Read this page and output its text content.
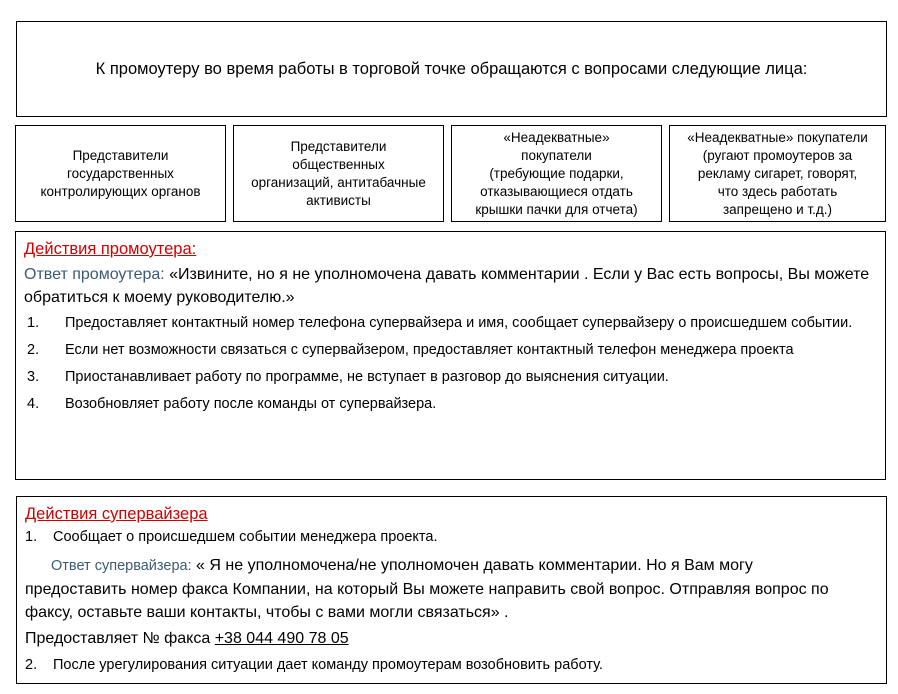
К промоутеру во время работы в торговой точке обращаются с вопросами следующие лица:
Представители
государственных
контролирующих органов
Представители
общественных
организаций, антитабачные
активисты
«Неадекватные»
покупатели
(требующие подарки,
отказывающиеся отдать
крышки пачки для отчета)
«Неадекватные» покупатели
(ругают промоутеров за
рекламу сигарет, говорят,
что здесь работать
запрещено и т.д.)
Действия промоутера:
Ответ промоутера: «Извините, но я не уполномочена давать комментарии . Если у Вас есть вопросы, Вы можете обратиться к моему руководителю.»
1.	Предоставляет контактный номер телефона супервайзера и имя, сообщает супервайзеру о происшедшем событии.
2.	Если нет возможности связаться с супервайзером, предоставляет контактный телефон менеджера проекта
3.	Приостанавливает работу по программе, не вступает в разговор до выяснения ситуации.
4.	Возобновляет работу после команды от супервайзера.
Действия супервайзера
1. Сообщает о происшедшем событии менеджера проекта.
Ответ супервайзера: « Я не уполномочена/не уполномочен давать комментарии. Но я Вам могу предоставить номер факса Компании, на который Вы можете направить свой вопрос. Отправляя вопрос по факсу, оставьте ваши контакты, чтобы с вами могли связаться» .
Предоставляет № факса +38 044 490 78 05
2. После урегулирования ситуации дает команду промоутерам возобновить работу.
